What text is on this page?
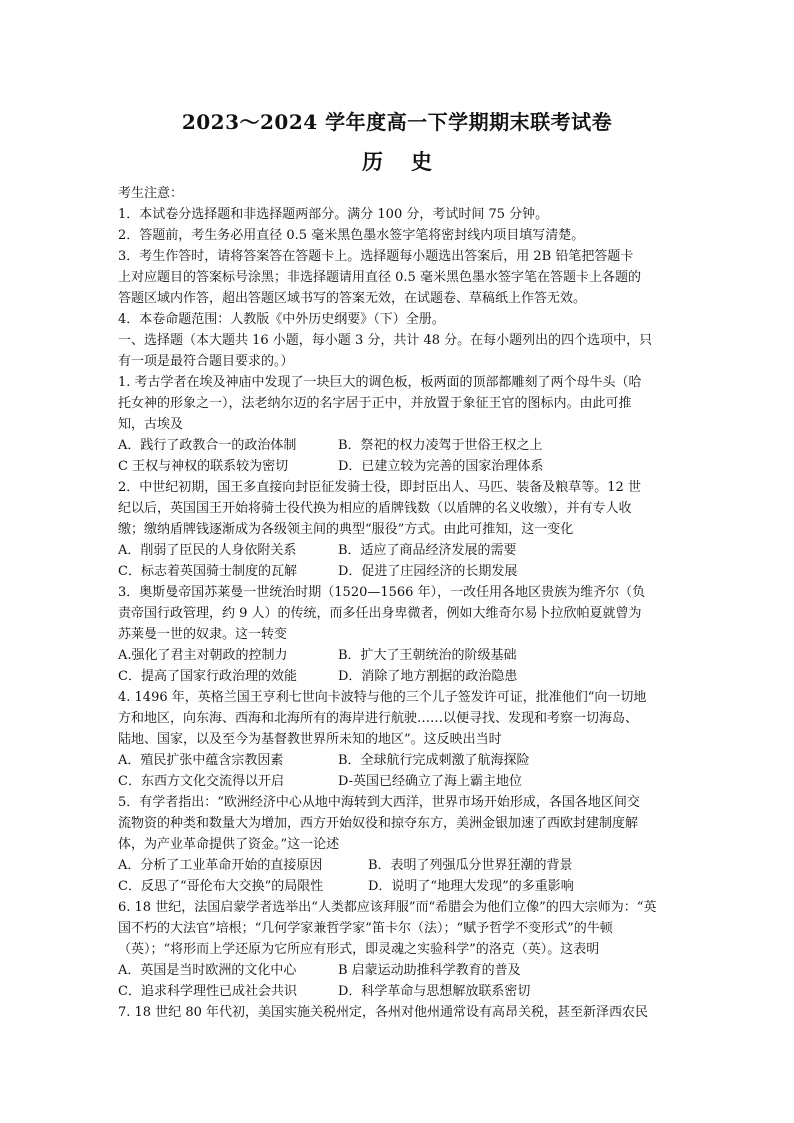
2023～2024 学年度高一下学期期末联考试卷
历史
考生注意：
1．本试卷分选择题和非选择题两部分。满分 100 分，考试时间 75 分钟。
2．答题前，考生务必用直径 0.5 毫米黑色墨水签字笔将密封线内项目填写清楚。
3．考生作答时，请将答案答在答题卡上。选择题每小题选出答案后，用 2B 铅笔把答题卡
上对应题目的答案标号涂黑；非选择题请用直径 0.5 毫米黑色墨水签字笔在答题卡上各题的
答题区域内作答，超出答题区域书写的答案无效，在试题卷、草稿纸上作答无效。
4．本卷命题范围：人教版《中外历史纲要》（下）全册。
一、选择题（本大题共 16 小题，每小题 3 分，共计 48 分。在每小题列出的四个选项中，只
有一项是最符合题目要求的。）
1. 考古学者在埃及神庙中发现了一块巨大的调色板，板两面的顶部都雕刻了两个母牛头（哈
托女神的形象之一），法老纳尔迈的名字居于正中，并放置于象征王官的图标内。由此可推
知，古埃及
A．践行了政教合一的政治体制	B．祭祀的权力凌驾于世俗王权之上
C 王权与神权的联系较为密切	D．已建立较为完善的国家治理体系
2．中世纪初期，国王多直接向封臣征发骑士役，即封臣出人、马匹、装备及粮草等。12 世
纪以后，英国国王开始将骑士役代换为相应的盾牌钱数（以盾牌的名义收缴），并有专人收
缴；缴纳盾牌钱逐渐成为各级领主间的典型“服役”方式。由此可推知，这一变化
A．削弱了臣民的人身依附关系	B．适应了商品经济发展的需要
C．标志着英国骑士制度的瓦解	D．促进了庄园经济的长期发展
3．奥斯曼帝国苏莱曼一世统治时期（1520—1566 年），一改任用各地区贵族为维齐尔（负
责帝国行政管理，约 9 人）的传统，而多任出身卑微者，例如大维奇尔易卜拉欣帕夏就曾为
苏莱曼一世的奴隶。这一转变
A.强化了君主对朝政的控制力	B．扩大了王朝统治的阶级基础
C．提高了国家行政治理的效能	D．消除了地方割据的政治隐患
4. 1496 年，英格兰国王亨利七世向卡波特与他的三个儿子签发许可证，批准他们“向一切地
方和地区，向东海、西海和北海所有的海岸进行航驶……以便寻找、发现和考察一切海岛、
陆地、国家，以及至今为基督教世界所未知的地区”。这反映出当时
A．殖民扩张中蕴含宗教因素	B．全球航行完成刺激了航海探险
C．东西方文化交流得以开启	D-英国已经确立了海上霸主地位
5．有学者指出：“欧洲经济中心从地中海转到大西洋，世界市场开始形成，各国各地区间交
流物资的种类和数量大为增加，西方开始奴役和掠夺东方，美洲金银加速了西欧封建制度解
体，为产业革命提供了资金。”这一论述
A．分析了工业革命开始的直接原因	B．表明了列强瓜分世界狂潮的背景
C．反思了“哥伦布大交换”的局限性	D．说明了“地理大发现”的多重影响
6. 18 世纪，法国启蒙学者选举出“人类都应该拜服”而“希腊会为他们立像”的四大宗师为：“英
国不朽的大法官”培根；“几何学家兼哲学家”笛卡尔（法）；“赋予哲学不变形式”的牛顿
（英）；“将形而上学还原为它所应有形式，即灵魂之实验科学”的洛克（英）。这表明
A．英国是当时欧洲的文化中心	B 启蒙运动助推科学教育的普及
C．追求科学理性已成社会共识	D．科学革命与思想解放联系密切
7. 18 世纪 80 年代初，美国实施关税州定，各州对他州通常设有高昂关税，甚至新泽西农民
